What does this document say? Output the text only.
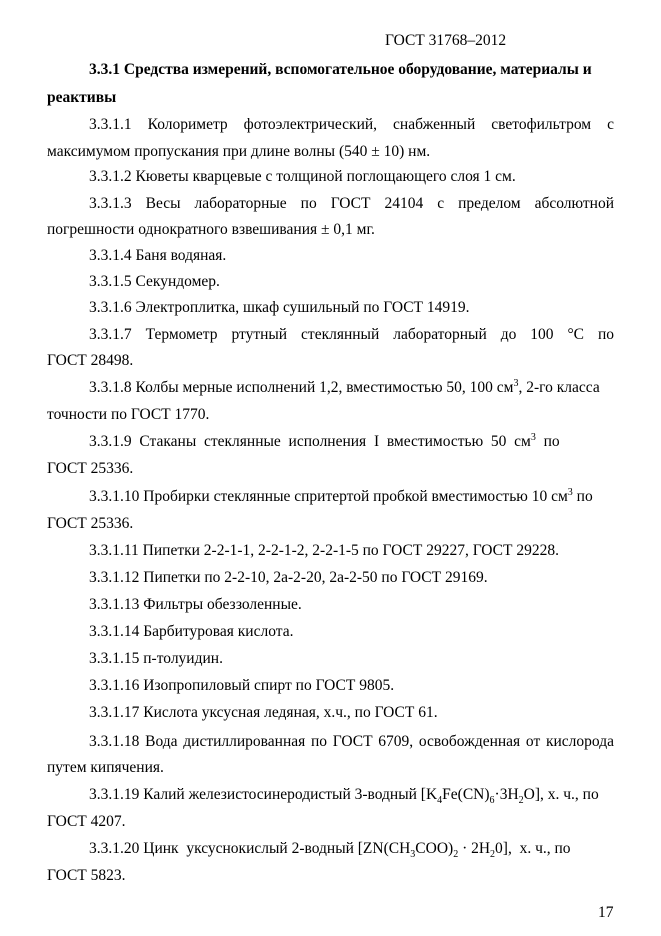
ГОСТ 31768–2012
3.3.1 Средства измерений, вспомогательное оборудование, материалы и
реактивы
3.3.1.1 Колориметр фотоэлектрический, снабженный светофильтром с
максимумом пропускания при длине волны (540 ± 10) нм.
3.3.1.2 Кюветы кварцевые с толщиной поглощающего слоя 1 см.
3.3.1.3 Весы лабораторные по ГОСТ 24104 с пределом абсолютной
погрешности однократного взвешивания ± 0,1 мг.
3.3.1.4 Баня водяная.
3.3.1.5 Секундомер.
3.3.1.6 Электроплитка, шкаф сушильный по ГОСТ 14919.
3.3.1.7 Термометр ртутный стеклянный лабораторный до 100 °С по
ГОСТ 28498.
3.3.1.8 Колбы мерные исполнений 1,2, вместимостью 50, 100 $см^3$, 2-го класса
точности по ГОСТ 1770.
3.3.1.9  Стаканы  стеклянные  исполнения  I  вместимостью  50  $см^3$  по
ГОСТ 25336.
3.3.1.10 Пробирки стеклянные спритертой пробкой вместимостью 10 $см^3$ по
ГОСТ 25336.
3.3.1.11 Пипетки 2-2-1-1, 2-2-1-2, 2-2-1-5 по ГОСТ 29227, ГОСТ 29228.
3.3.1.12 Пипетки по 2-2-10, 2а-2-20, 2а-2-50 по ГОСТ 29169.
3.3.1.13 Фильтры обеззоленные.
3.3.1.14 Барбитуровая кислота.
3.3.1.15 п-толуидин.
3.3.1.16 Изопропиловый спирт по ГОСТ 9805.
3.3.1.17 Кислота уксусная ледяная, х.ч., по ГОСТ 61.
3.3.1.18 Вода дистиллированная по ГОСТ 6709, освобожденная от кислорода
путем кипячения.
3.3.1.19 Калий железистосинеродистый 3-водный $[K_4Fe(CN)_6\cdot 3H_2O]$, х. ч., по
ГОСТ 4207.
3.3.1.20 Цинк  уксуснокислый 2-водный $[ZN(CH_3COO)_2 \cdot 2H_20]$,  х. ч., по
ГОСТ 5823.
17
